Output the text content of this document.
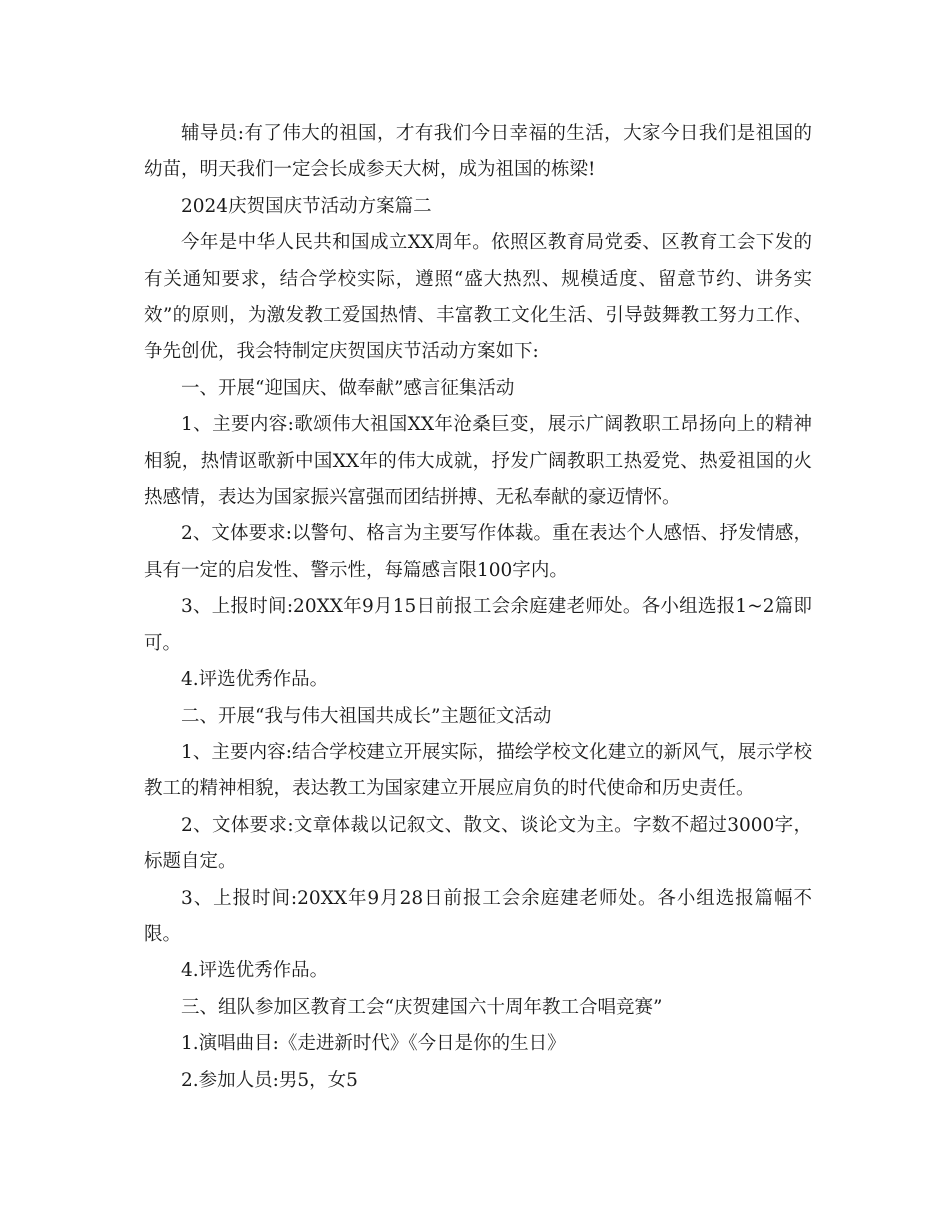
辅导员:有了伟大的祖国，才有我们今日幸福的生活，大家今日我们是祖国的幼苗，明天我们一定会长成参天大树，成为祖国的栋梁!

2024庆贺国庆节活动方案篇二

今年是中华人民共和国成立XX周年。依照区教育局党委、区教育工会下发的有关通知要求，结合学校实际，遵照“盛大热烈、规模适度、留意节约、讲务实效”的原则，为激发教工爱国热情、丰富教工文化生活、引导鼓舞教工努力工作、争先创优，我会特制定庆贺国庆节活动方案如下:

一、开展“迎国庆、做奉献”感言征集活动

1、主要内容:歌颂伟大祖国XX年沧桑巨变，展示广阔教职工昂扬向上的精神相貌，热情讴歌新中国XX年的伟大成就，抒发广阔教职工热爱党、热爱祖国的火热感情，表达为国家振兴富强而团结拼搏、无私奉献的豪迈情怀。

2、文体要求:以警句、格言为主要写作体裁。重在表达个人感悟、抒发情感，具有一定的启发性、警示性，每篇感言限100字内。

3、上报时间:20XX年9月15日前报工会余庭建老师处。各小组选报1~2篇即可。

4.评选优秀作品。

二、开展“我与伟大祖国共成长”主题征文活动

1、主要内容:结合学校建立开展实际，描绘学校文化建立的新风气，展示学校教工的精神相貌，表达教工为国家建立开展应肩负的时代使命和历史责任。

2、文体要求:文章体裁以记叙文、散文、谈论文为主。字数不超过3000字，标题自定。

3、上报时间:20XX年9月28日前报工会余庭建老师处。各小组选报篇幅不限。

4.评选优秀作品。

三、组队参加区教育工会“庆贺建国六十周年教工合唱竞赛”

1.演唱曲目:《走进新时代》《今日是你的生日》

2.参加人员:男5，女5
